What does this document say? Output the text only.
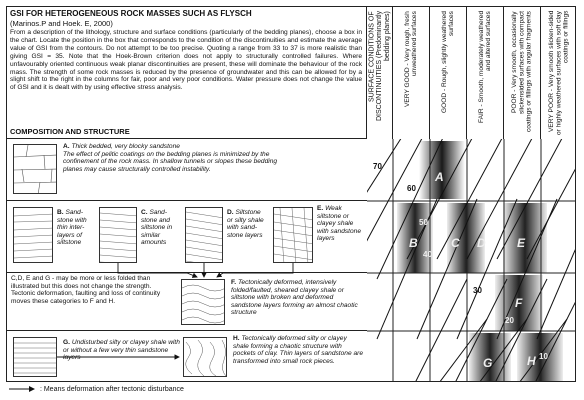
GSI FOR HETEROGENEOUS ROCK MASSES SUCH AS FLYSCH
(Marinos.P and Hoek. E, 2000)
From a description of the lithology, structure and surface conditions (particularly of the bedding planes), choose a box in the chart. Locate the position in the box that corresponds to the condition of the discontinuities and estimate the average value of GSI from the contours. Do not attempt to be too precise. Quoting a range from 33 to 37 is more realistic than giving GSI = 35. Note that the Hoek-Brown criterion does not apply to structurally controlled failures. Where unfavourably oriented continuous weak planar discontinuities are present, these will dominate the behaviour of the rock mass. The strength of some rock masses is reduced by the presence of groundwater and this can be allowed for by a slight shift to the right in the columns for fair, poor and very poor conditions. Water pressure does not change the value of GSI and it is dealt with by using effective stress analysis.
COMPOSITION AND STRUCTURE
SURFACE CONDITIONS OF DISCONTINUITIES (Predominantly bedding planes) VERY GOOD - Very rough, fresh unweathered surfaces	GOOD - Rough, slightly weathered surfaces	FAIR - Smooth, moderately weathered and altered surfaces	POOR - Very smooth, occasionally slickensided surfaces with compact coatings or fillings with angular fragments VERY POOR - Very smooth slicken-sided or highly weathered surfaces with soft clay coatings or fillings
A. Thick bedded, very blocky sandstone
The effect of pelitic coatings on the bedding planes is minimized by the confinement of the rock mass. In shallow tunnels or slopes these bedding planes may cause structurally controlled instability.
B. Sand-stone with thin inter-layers of siltstone
C. Sand-stone and siltstone in similar amounts
D. Siltstone or silty shale with sand-stone layers
E. Weak siltstone or clayey shale with sandstone layers
C,D, E and G - may be more or less folded than illustrated but this does not change the strength. Tectonic deformation, faulting and loss of continuity moves these categories to F and H.
F. Tectonically deformed, intensively folded/faulted, sheared clayey shale or siltstone with broken and deformed sandstone layers forming an almost chaotic structure
G. Undisturbed silty or clayey shale with or without a few very thin sandstone layers
H. Tectonically deformed silty or clayey shale forming a chaotic structure with pockets of clay. Thin layers of sandstone are transformed into small rock pieces.
70
60
50
40
30
20
10
A
B	C D	E
F
G	H
: Means deformation after tectonic disturbance
